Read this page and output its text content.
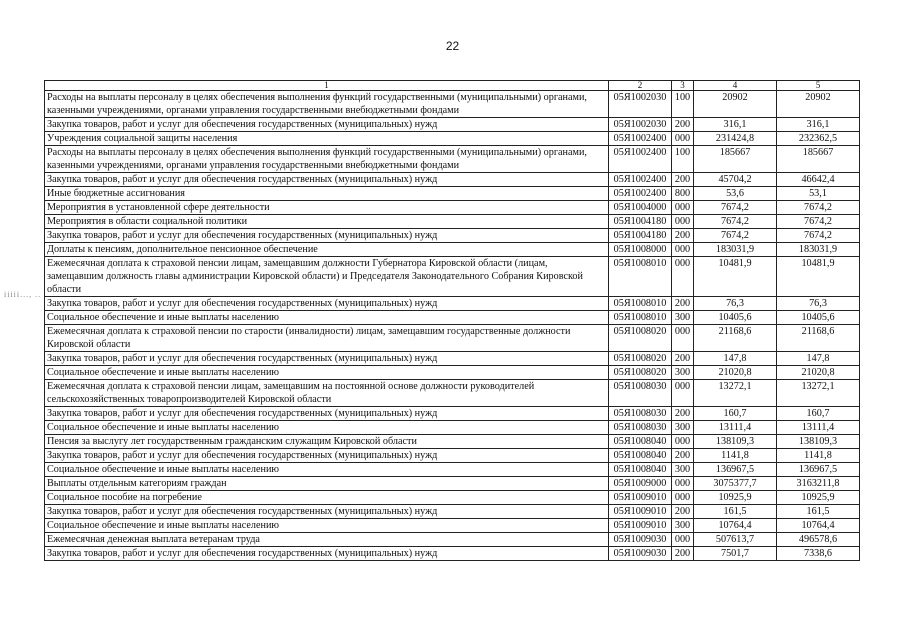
22
iiiii..., ..
1	2	3	4	5
Расходы на выплаты персоналу в целях обеспечения выполнения функций государственными (муниципальными) органами, казенными учреждениями, органами управления государственными внебюджетными фондами	05Я1002030	100	20902	20902
Закупка товаров, работ и услуг для обеспечения государственных (муниципальных) нужд	05Я1002030	200	316,1	316,1
Учреждения социальной защиты населения	05Я1002400	000	231424,8	232362,5
Расходы на выплаты персоналу в целях обеспечения выполнения функций государственными (муниципальными) органами, казенными учреждениями, органами управления государственными внебюджетными фондами	05Я1002400	100	185667	185667
Закупка товаров, работ и услуг для обеспечения государственных (муниципальных) нужд	05Я1002400	200	45704,2	46642,4
Иные бюджетные ассигнования	05Я1002400	800	53,6	53,1
Мероприятия в установленной сфере деятельности	05Я1004000	000	7674,2	7674,2
Мероприятия в области социальной политики	05Я1004180	000	7674,2	7674,2
Закупка товаров, работ и услуг для обеспечения государственных (муниципальных) нужд	05Я1004180	200	7674,2	7674,2
Доплаты к пенсиям, дополнительное пенсионное обеспечение	05Я1008000	000	183031,9	183031,9
Ежемесячная доплата к страховой пенсии лицам, замещавшим должности Губернатора Кировской области (лицам, замещавшим должность главы администрации Кировской области) и Председателя Законодательного Собрания Кировской области	05Я1008010	000	10481,9	10481,9
Закупка товаров, работ и услуг для обеспечения государственных (муниципальных) нужд	05Я1008010	200	76,3	76,3
Социальное обеспечение и иные выплаты населению	05Я1008010	300	10405,6	10405,6
Ежемесячная доплата к страховой пенсии по старости (инвалидности) лицам, замещавшим государственные должности Кировской области	05Я1008020	000	21168,6	21168,6
Закупка товаров, работ и услуг для обеспечения государственных (муниципальных) нужд	05Я1008020	200	147,8	147,8
Социальное обеспечение и иные выплаты населению	05Я1008020	300	21020,8	21020,8
Ежемесячная доплата к страховой пенсии лицам, замещавшим на постоянной основе должности руководителей сельскохозяйственных товаропроизводителей Кировской области	05Я1008030	000	13272,1	13272,1
Закупка товаров, работ и услуг для обеспечения государственных (муниципальных) нужд	05Я1008030	200	160,7	160,7
Социальное обеспечение и иные выплаты населению	05Я1008030	300	13111,4	13111,4
Пенсия за выслугу лет государственным гражданским служащим Кировской области	05Я1008040	000	138109,3	138109,3
Закупка товаров, работ и услуг для обеспечения государственных (муниципальных) нужд	05Я1008040	200	1141,8	1141,8
Социальное обеспечение и иные выплаты населению	05Я1008040	300	136967,5	136967,5
Выплаты отдельным категориям граждан	05Я1009000	000	3075377,7	3163211,8
Социальное пособие на погребение	05Я1009010	000	10925,9	10925,9
Закупка товаров, работ и услуг для обеспечения государственных (муниципальных) нужд	05Я1009010	200	161,5	161,5
Социальное обеспечение и иные выплаты населению	05Я1009010	300	10764,4	10764,4
Ежемесячная денежная выплата ветеранам труда	05Я1009030	000	507613,7	496578,6
Закупка товаров, работ и услуг для обеспечения государственных (муниципальных) нужд	05Я1009030	200	7501,7	7338,6
